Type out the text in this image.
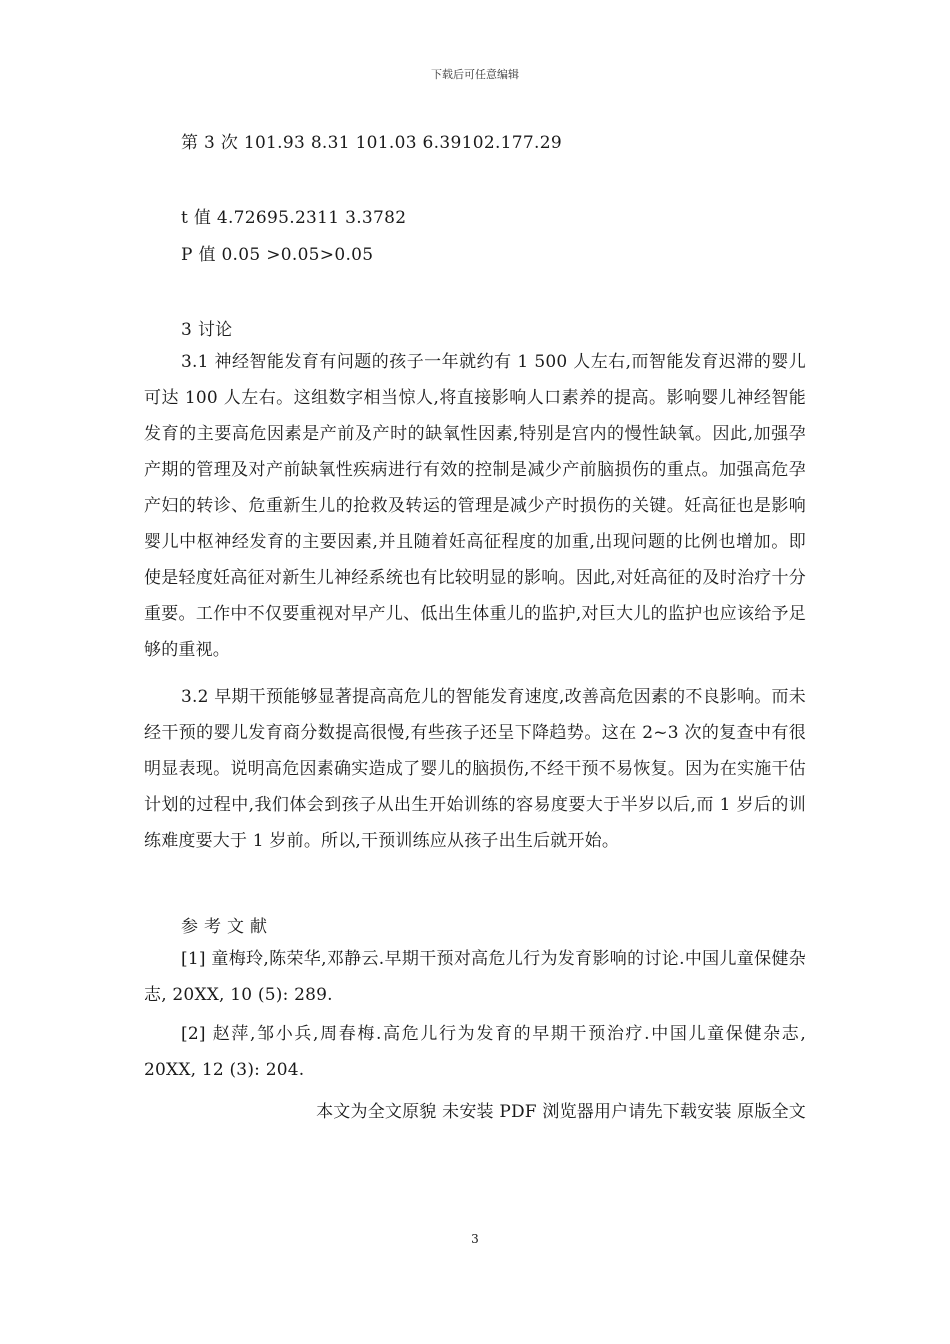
下载后可任意编辑
第 3 次 101.93 8.31 101.03 6.39102.177.29
t 值 4.72695.2311 3.3782
P 值 0.05 >0.05>0.05
3 讨论
3.1 神经智能发育有问题的孩子一年就约有 1 500 人左右,而智能发育迟滞的婴儿可达 100 人左右。这组数字相当惊人,将直接影响人口素养的提高。影响婴儿神经智能发育的主要高危因素是产前及产时的缺氧性因素,特别是宫内的慢性缺氧。因此,加强孕产期的管理及对产前缺氧性疾病进行有效的控制是减少产前脑损伤的重点。加强高危孕产妇的转诊、危重新生儿的抢救及转运的管理是减少产时损伤的关键。妊高征也是影响婴儿中枢神经发育的主要因素,并且随着妊高征程度的加重,出现问题的比例也增加。即使是轻度妊高征对新生儿神经系统也有比较明显的影响。因此,对妊高征的及时治疗十分重要。工作中不仅要重视对早产儿、低出生体重儿的监护,对巨大儿的监护也应该给予足够的重视。
3.2 早期干预能够显著提高高危儿的智能发育速度,改善高危因素的不良影响。而未经干预的婴儿发育商分数提高很慢,有些孩子还呈下降趋势。这在 2~3 次的复查中有很明显表现。说明高危因素确实造成了婴儿的脑损伤,不经干预不易恢复。因为在实施干估计划的过程中,我们体会到孩子从出生开始训练的容易度要大于半岁以后,而 1 岁后的训练难度要大于 1 岁前。所以,干预训练应从孩子出生后就开始。
参 考 文 献
[1] 童梅玲,陈荣华,邓静云.早期干预对高危儿行为发育影响的讨论.中国儿童保健杂志, 20XX, 10 (5): 289.
[2] 赵萍,邹小兵,周春梅.高危儿行为发育的早期干预治疗.中国儿童保健杂志, 20XX, 12 (3): 204.
本文为全文原貌 未安装 PDF 浏览器用户请先下载安装 原版全文
3
